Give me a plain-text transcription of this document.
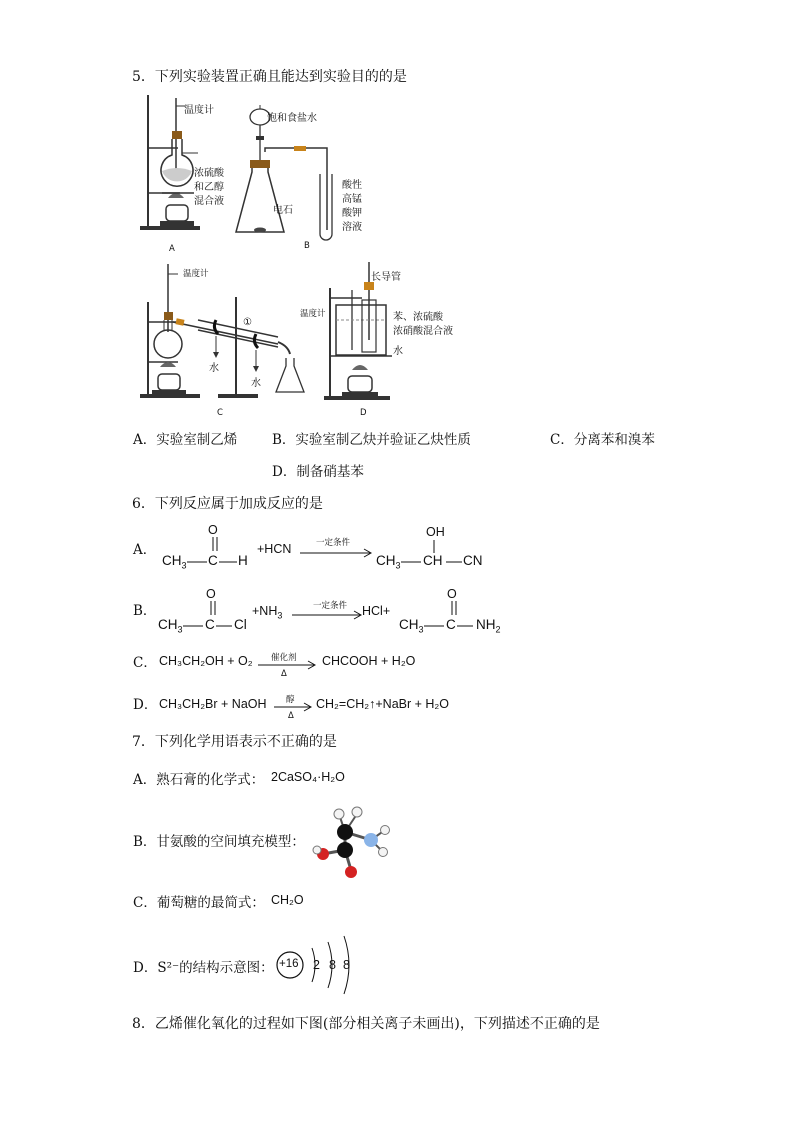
5．下列实验装置正确且能达到实验目的的是
温度计
浓硫酸
和乙醇
混合液
A
饱和食盐水
电石
酸性
高锰
酸钾
溶液
B
温度计
①
水
水
C
长导管
温度计	苯、浓硫酸
浓硝酸混合液
水
D
A．实验室制乙烯	B．实验室制乙炔并验证乙炔性质	C．分离苯和溴苯
D．制备硝基苯
6．下列反应属于加成反应的是
A．
O
$CH_3$ C H
+HCN	一定条件
OH
$CH_3$ CH CN
B．
O
$CH_3$ C Cl
$+NH_3$
一定条件 HCl+
O
$CH_3$ C $NH_2$
C． CH₃CH₂OH + O₂ 催化剂
Δ
CHCOOH + H₂O
D． CH₃CH₂Br + NaOH 醇
Δ
CH₂=CH₂↑+NaBr + H₂O
7．下列化学用语表示不正确的是
A．熟石膏的化学式： 2CaSO₄·H₂O
B．甘氨酸的空间填充模型：
C．葡萄糖的最简式： CH₂O
D．S²⁻的结构示意图： +16 2 8 8
8．乙烯催化氧化的过程如下图(部分相关离子未画出)，下列描述不正确的是
